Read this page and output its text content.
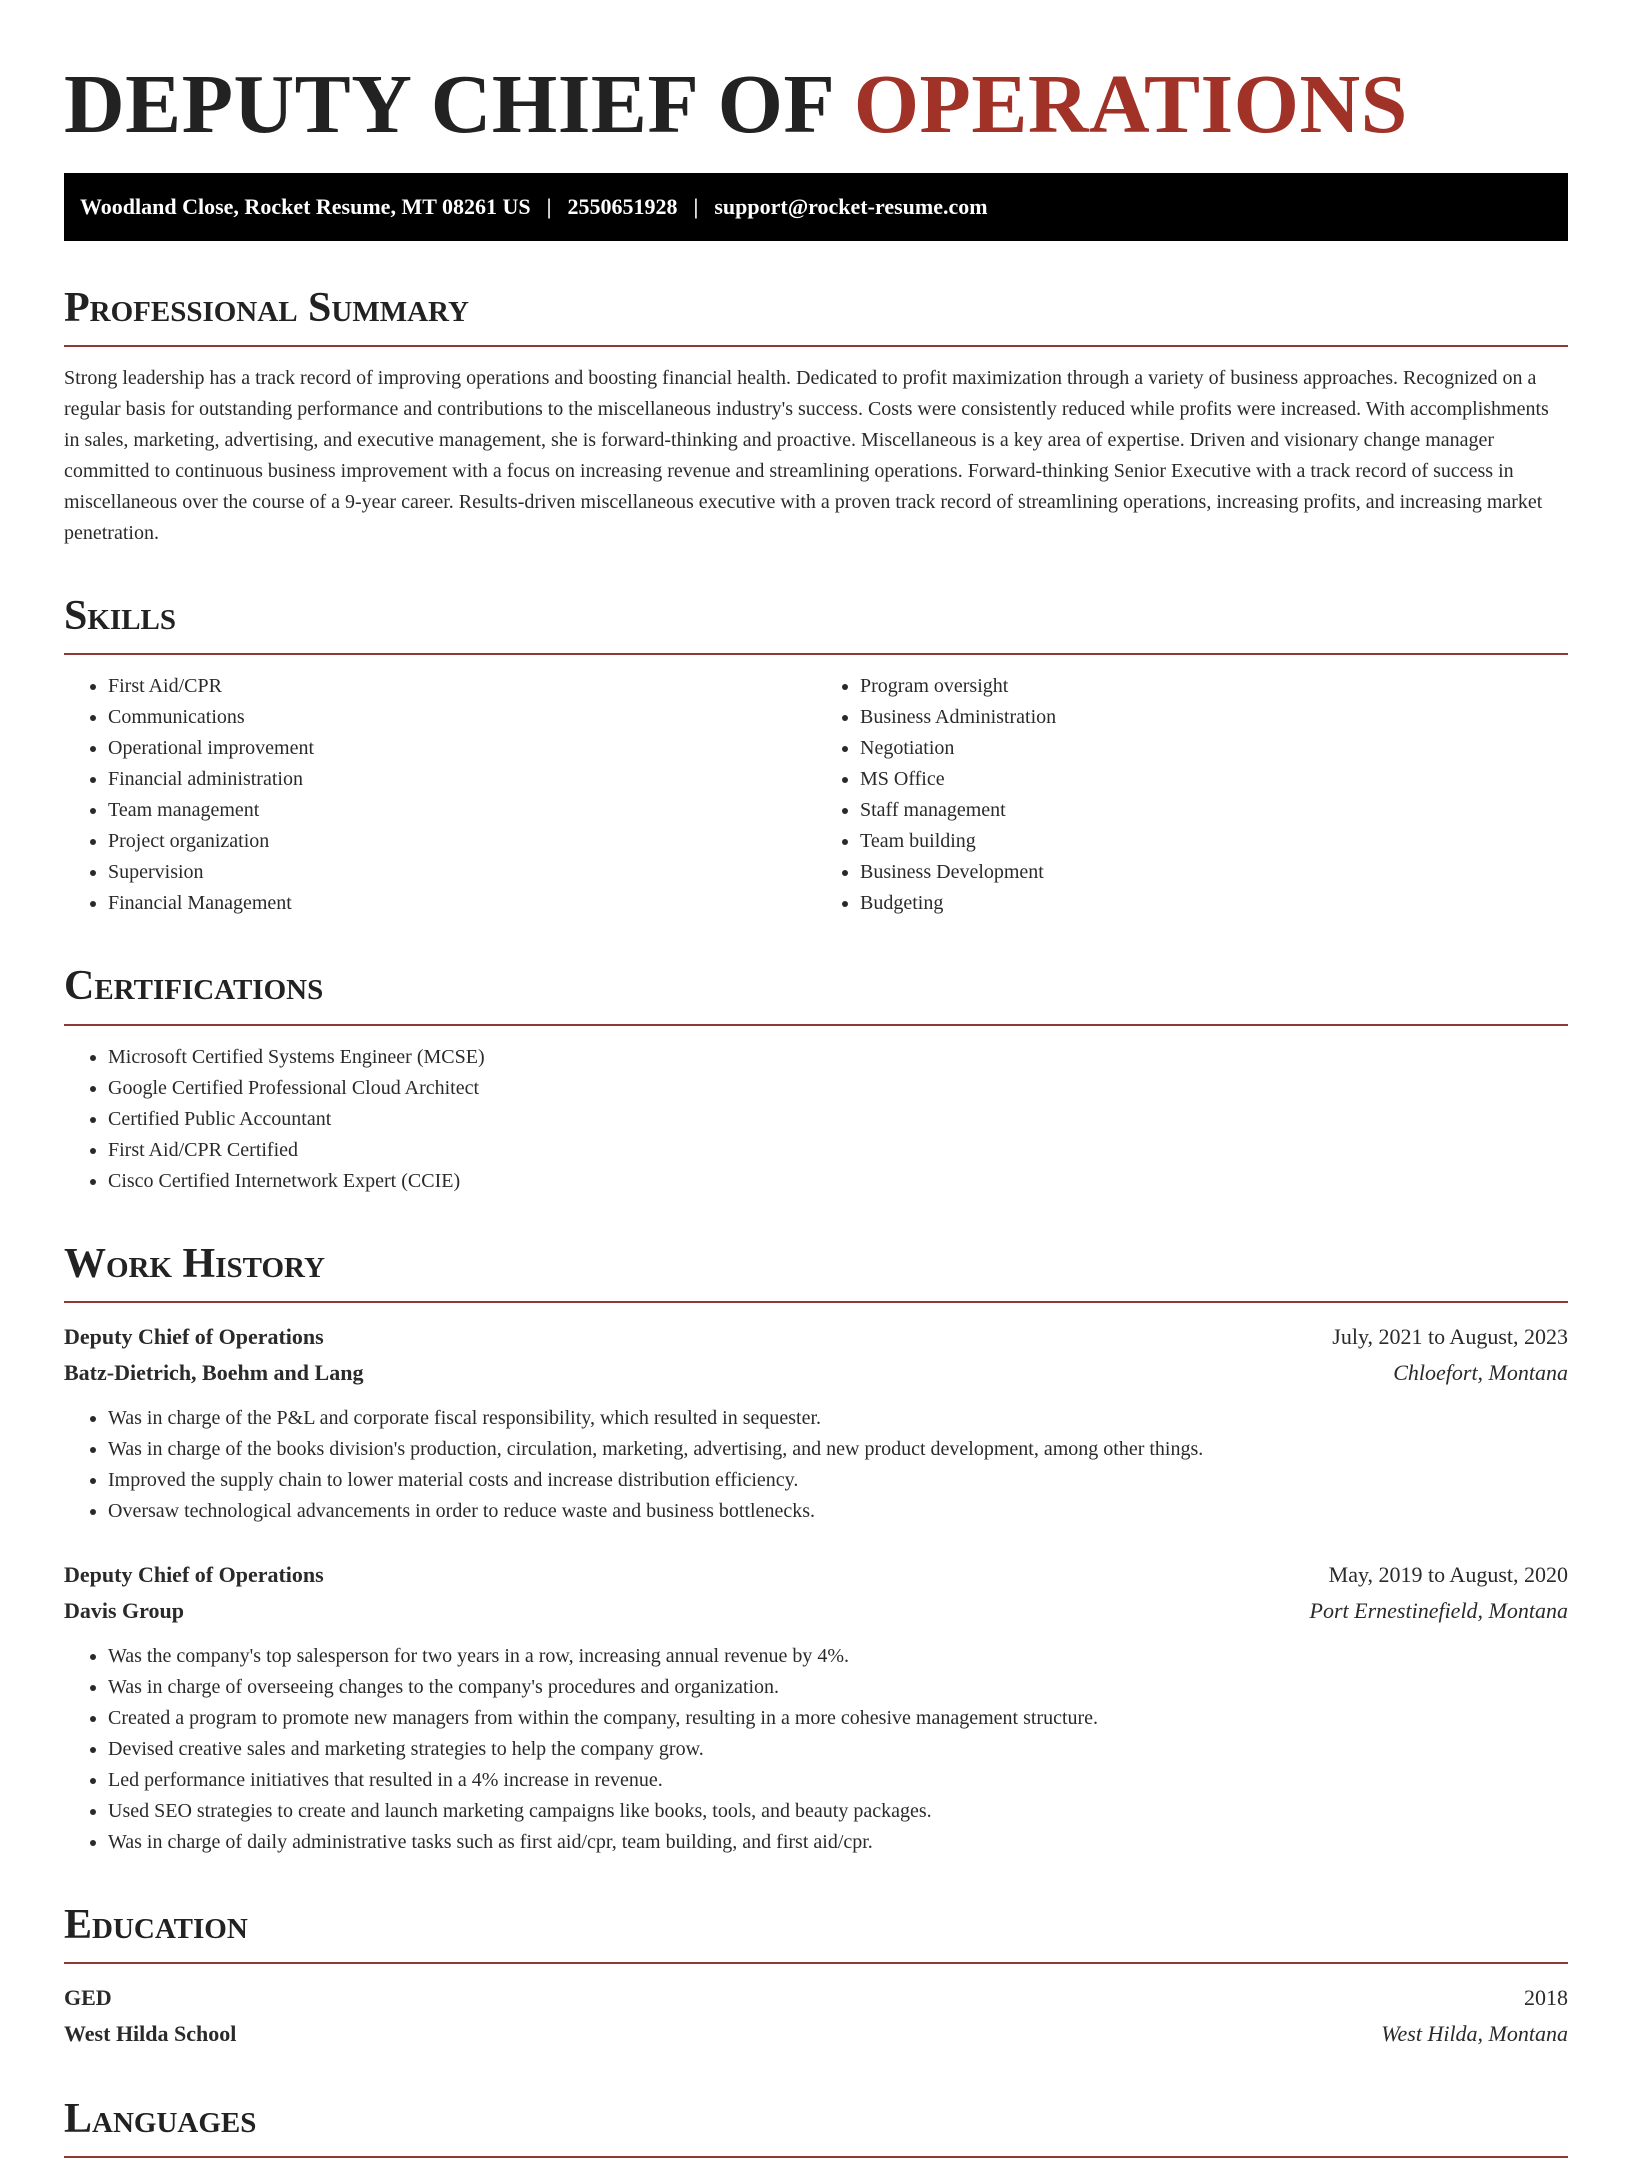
DEPUTY CHIEF OF OPERATIONS
Woodland Close, Rocket Resume, MT 08261 US | 2550651928 | support@rocket-resume.com
Professional Summary

Strong leadership has a track record of improving operations and boosting financial health. Dedicated to profit maximization through a variety of business approaches. Recognized on a regular basis for outstanding performance and contributions to the miscellaneous industry's success. Costs were consistently reduced while profits were increased. With accomplishments in sales, marketing, advertising, and executive management, she is forward-thinking and proactive. Miscellaneous is a key area of expertise. Driven and visionary change manager committed to continuous business improvement with a focus on increasing revenue and streamlining operations. Forward-thinking Senior Executive with a track record of success in miscellaneous over the course of a 9-year career. Results-driven miscellaneous executive with a proven track record of streamlining operations, increasing profits, and increasing market penetration.

Skills
• First Aid/CPR
• Communications
• Operational improvement
• Financial administration
• Team management
• Project organization
• Supervision
• Financial Management
• Program oversight
• Business Administration
• Negotiation
• MS Office
• Staff management
• Team building
• Business Development
• Budgeting
Certifications
• Microsoft Certified Systems Engineer (MCSE)
• Google Certified Professional Cloud Architect
• Certified Public Accountant
• First Aid/CPR Certified
• Cisco Certified Internetwork Expert (CCIE)
Work History
Deputy Chief of Operations	July, 2021 to August, 2023
Batz-Dietrich, Boehm and Lang	Chloefort, Montana
• Was in charge of the P&L and corporate fiscal responsibility, which resulted in sequester.
• Was in charge of the books division's production, circulation, marketing, advertising, and new product development, among other things.
• Improved the supply chain to lower material costs and increase distribution efficiency.
• Oversaw technological advancements in order to reduce waste and business bottlenecks.
Deputy Chief of Operations	May, 2019 to August, 2020
Davis Group	Port Ernestinefield, Montana
• Was the company's top salesperson for two years in a row, increasing annual revenue by 4%.
• Was in charge of overseeing changes to the company's procedures and organization.
• Created a program to promote new managers from within the company, resulting in a more cohesive management structure.
• Devised creative sales and marketing strategies to help the company grow.
• Led performance initiatives that resulted in a 4% increase in revenue.
• Used SEO strategies to create and launch marketing campaigns like books, tools, and beauty packages.
• Was in charge of daily administrative tasks such as first aid/cpr, team building, and first aid/cpr.
Education
GED	2018
West Hilda School	West Hilda, Montana
Languages
